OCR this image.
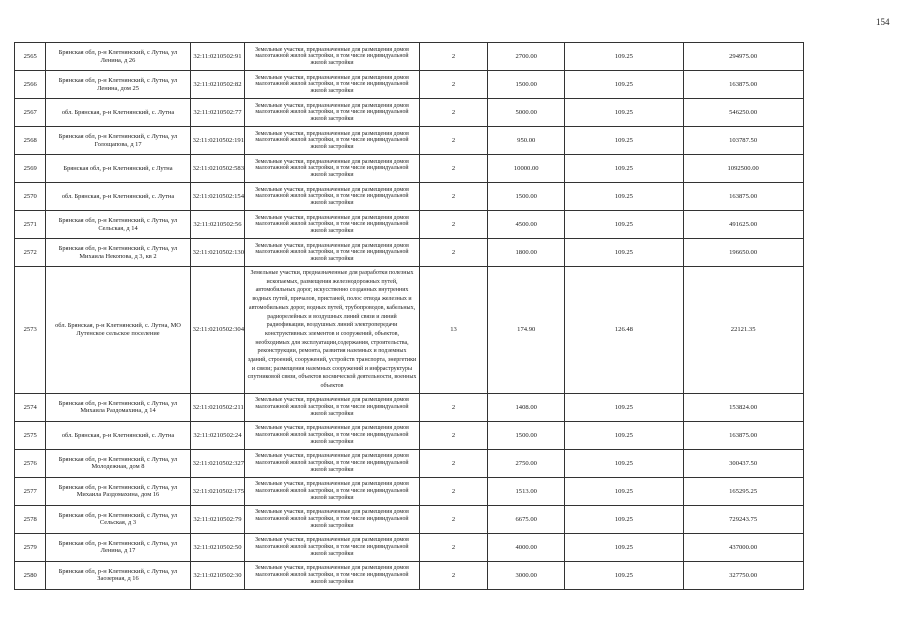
154
2565	Брянская обл, р-н Клетнянский, с Лутна, ул Ленина, д 26	32:11:0210502:91	Земельные участки, предназначенные для размещения домов малоэтажной жилой застройки, в том числе индивидуальной жилой застройки	2	2700.00	109.25	294975.00
2566	Брянская обл, р-н Клетнянский, с Лутна, ул Ленина, дом 25	32:11:0210502:82	Земельные участки, предназначенные для размещения домов малоэтажной жилой застройки, в том числе индивидуальной жилой застройки	2	1500.00	109.25	163875.00
2567	обл. Брянская, р-н Клетнянский, с. Лутна	32:11:0210502:77	Земельные участки, предназначенные для размещения домов малоэтажной жилой застройки, в том числе индивидуальной жилой застройки	2	5000.00	109.25	546250.00
2568	Брянская обл, р-н Клетнянский, с Лутна, ул Голощапова, д 17	32:11:0210502:191	Земельные участки, предназначенные для размещения домов малоэтажной жилой застройки, в том числе индивидуальной жилой застройки	2	950.00	109.25	103787.50
2569	Брянская обл, р-н Клетнянский, с Лутна	32:11:0210502:583	Земельные участки, предназначенные для размещения домов малоэтажной жилой застройки, в том числе индивидуальной жилой застройки	2	10000.00	109.25	1092500.00
2570	обл. Брянская, р-н Клетнянский, с. Лутна	32:11:0210502:154	Земельные участки, предназначенные для размещения домов малоэтажной жилой застройки, в том числе индивидуальной жилой застройки	2	1500.00	109.25	163875.00
2571	Брянская обл, р-н Клетнянский, с Лутна, ул Сельская, д 14	32:11:0210502:56	Земельные участки, предназначенные для размещения домов малоэтажной жилой застройки, в том числе индивидуальной жилой застройки	2	4500.00	109.25	491625.00
2572	Брянская обл, р-н Клетнянский, с Лутна, ул Михаила Некопова, д 3, кв 2	32:11:0210502:130	Земельные участки, предназначенные для размещения домов малоэтажной жилой застройки, в том числе индивидуальной жилой застройки	2	1800.00	109.25	196650.00
2573	обл. Брянская, р-н Клетнянский, с. Лутна, МО Лутенское сельское поселение	32:11:0210502:304	Земельные участки, предназначенные для разработки полезных ископаемых, размещения железнодорожных путей, автомобильных дорог, искусственно созданных внутренних водных путей, причалов, пристаней, полос отвода железных и автомобильных дорог, водных путей, трубопроводов, кабельных, радиорелейных и воздушных линий связи и линий радиофикации, воздушных линий электропередачи конструктивных элементов и сооружений, объектов, необходимых для эксплуатации,содержания, строительства, реконструкции, ремонта, развития наземных и подземных зданий, строений, сооружений, устройств транспорта, энергетики и связи; размещения наземных сооружений и инфраструктуры спутниковой связи, объектов космической деятельности, военных объектов	13	174.90	126.48	22121.35
2574	Брянская обл, р-н Клетнянский, с Лутна, ул Михаила Раздомахина, д 14	32:11:0210502:211	Земельные участки, предназначенные для размещения домов малоэтажной жилой застройки, в том числе индивидуальной жилой застройки	2	1408.00	109.25	153824.00
2575	обл. Брянская, р-н Клетнянский, с. Лутна	32:11:0210502:24	Земельные участки, предназначенные для размещения домов малоэтажной жилой застройки, в том числе индивидуальной жилой застройки	2	1500.00	109.25	163875.00
2576	Брянская обл, р-н Клетнянский, с Лутна, ул Молодежная, дом 8	32:11:0210502:327	Земельные участки, предназначенные для размещения домов малоэтажной жилой застройки, в том числе индивидуальной жилой застройки	2	2750.00	109.25	300437.50
2577	Брянская обл, р-н Клетнянский, с Лутна, ул Михаила Раздомахина, дом 16	32:11:0210502:175	Земельные участки, предназначенные для размещения домов малоэтажной жилой застройки, в том числе индивидуальной жилой застройки	2	1513.00	109.25	165295.25
2578	Брянская обл, р-н Клетнянский, с Лутна, ул Сельская, д 3	32:11:0210502:79	Земельные участки, предназначенные для размещения домов малоэтажной жилой застройки, в том числе индивидуальной жилой застройки	2	6675.00	109.25	729243.75
2579	Брянская обл, р-н Клетнянский, с Лутна, ул Ленина, д 17	32:11:0210502:50	Земельные участки, предназначенные для размещения домов малоэтажной жилой застройки, в том числе индивидуальной жилой застройки	2	4000.00	109.25	437000.00
2580	Брянская обл, р-н Клетнянский, с Лутна, ул Заозерная, д 16	32:11:0210502:30	Земельные участки, предназначенные для размещения домов малоэтажной жилой застройки, в том числе индивидуальной жилой застройки	2	3000.00	109.25	327750.00
